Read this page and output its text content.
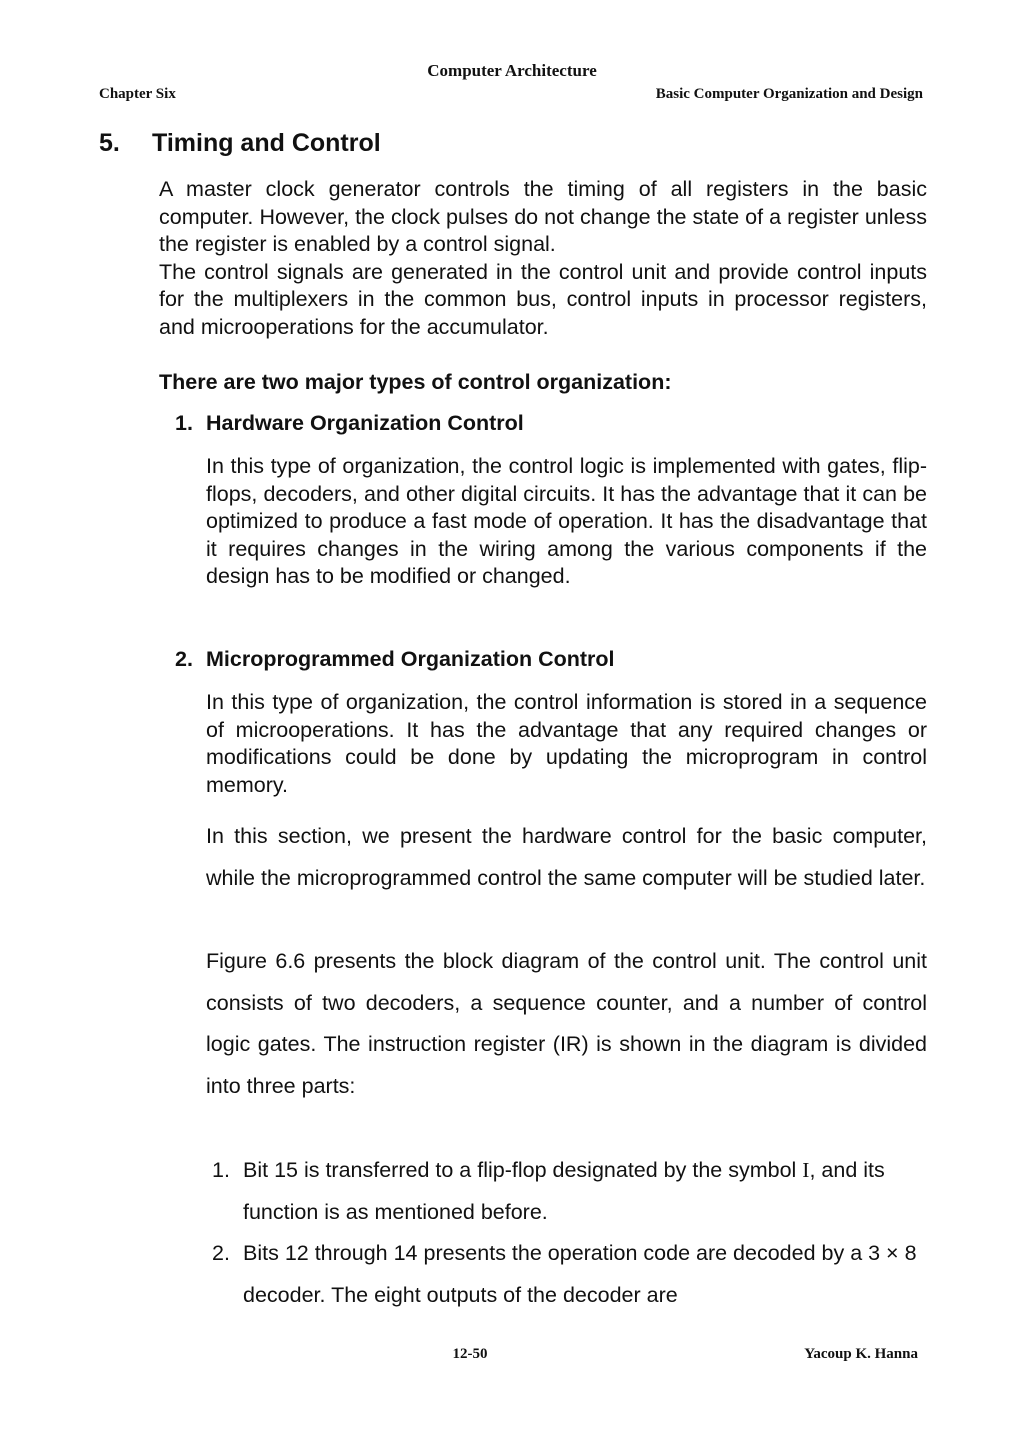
Computer Architecture
Chapter Six	Basic Computer Organization and Design
5. Timing and Control
A master clock generator controls the timing of all registers in the basic computer. However, the clock pulses do not change the state of a register unless the register is enabled by a control signal.
The control signals are generated in the control unit and provide control inputs for the multiplexers in the common bus, control inputs in processor registers, and microoperations for the accumulator.
There are two major types of control organization:
1. Hardware Organization Control

In this type of organization, the control logic is implemented with gates, flip-flops, decoders, and other digital circuits. It has the advantage that it can be optimized to produce a fast mode of operation. It has the disadvantage that it requires changes in the wiring among the various components if the design has to be modified or changed.

2. Microprogrammed Organization Control

In this type of organization, the control information is stored in a sequence of microoperations. It has the advantage that any required changes or modifications could be done by updating the microprogram in control memory.

In this section, we present the hardware control for the basic computer, while the microprogrammed control the same computer will be studied later.

Figure 6.6 presents the block diagram of the control unit. The control unit consists of two decoders, a sequence counter, and a number of control logic gates. The instruction register (IR) is shown in the diagram is divided into three parts:

1. Bit 15 is transferred to a flip-flop designated by the symbol I, and its function is as mentioned before.
2. Bits 12 through 14 presents the operation code are decoded by a 3 × 8 decoder. The eight outputs of the decoder are
12-50	Yacoup K. Hanna
